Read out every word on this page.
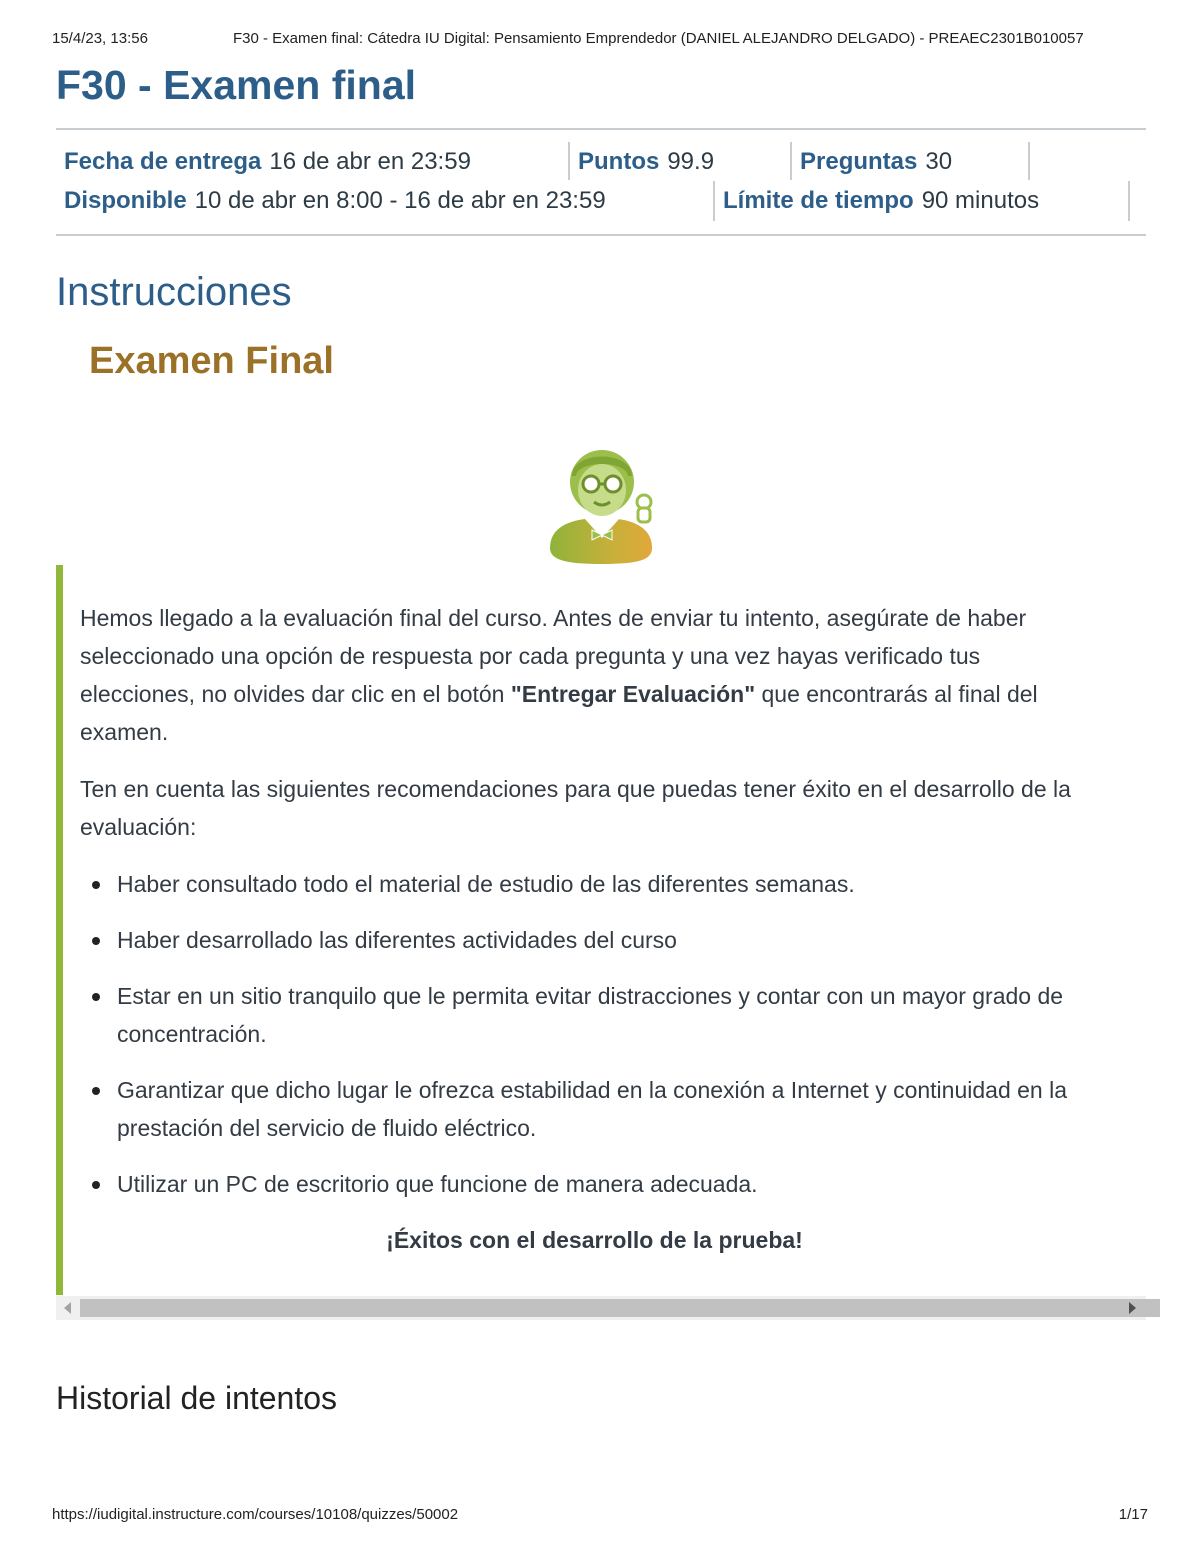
15/4/23, 13:56	F30 - Examen final: Cátedra IU Digital: Pensamiento Emprendedor (DANIEL ALEJANDRO DELGADO) - PREAEC2301B010057
F30 - Examen final
Fecha de entrega 16 de abr en 23:59	Puntos 99.9	Preguntas 30
Disponible 10 de abr en 8:00 - 16 de abr en 23:59	Límite de tiempo 90 minutos
Instrucciones
Examen Final

Hemos llegado a la evaluación final del curso. Antes de enviar tu intento, asegúrate de haber seleccionado una opción de respuesta por cada pregunta y una vez hayas verificado tus elecciones, no olvides dar clic en el botón "Entregar Evaluación" que encontrarás al final del examen.

Ten en cuenta las siguientes recomendaciones para que puedas tener éxito en el desarrollo de la evaluación:

Haber consultado todo el material de estudio de las diferentes semanas.
Haber desarrollado las diferentes actividades del curso
Estar en un sitio tranquilo que le permita evitar distracciones y contar con un mayor grado de concentración.
Garantizar que dicho lugar le ofrezca estabilidad en la conexión a Internet y continuidad en la prestación del servicio de fluido eléctrico.
Utilizar un PC de escritorio que funcione de manera adecuada.
¡Éxitos con el desarrollo de la prueba!
Historial de intentos
https://iudigital.instructure.com/courses/10108/quizzes/50002	1/17
